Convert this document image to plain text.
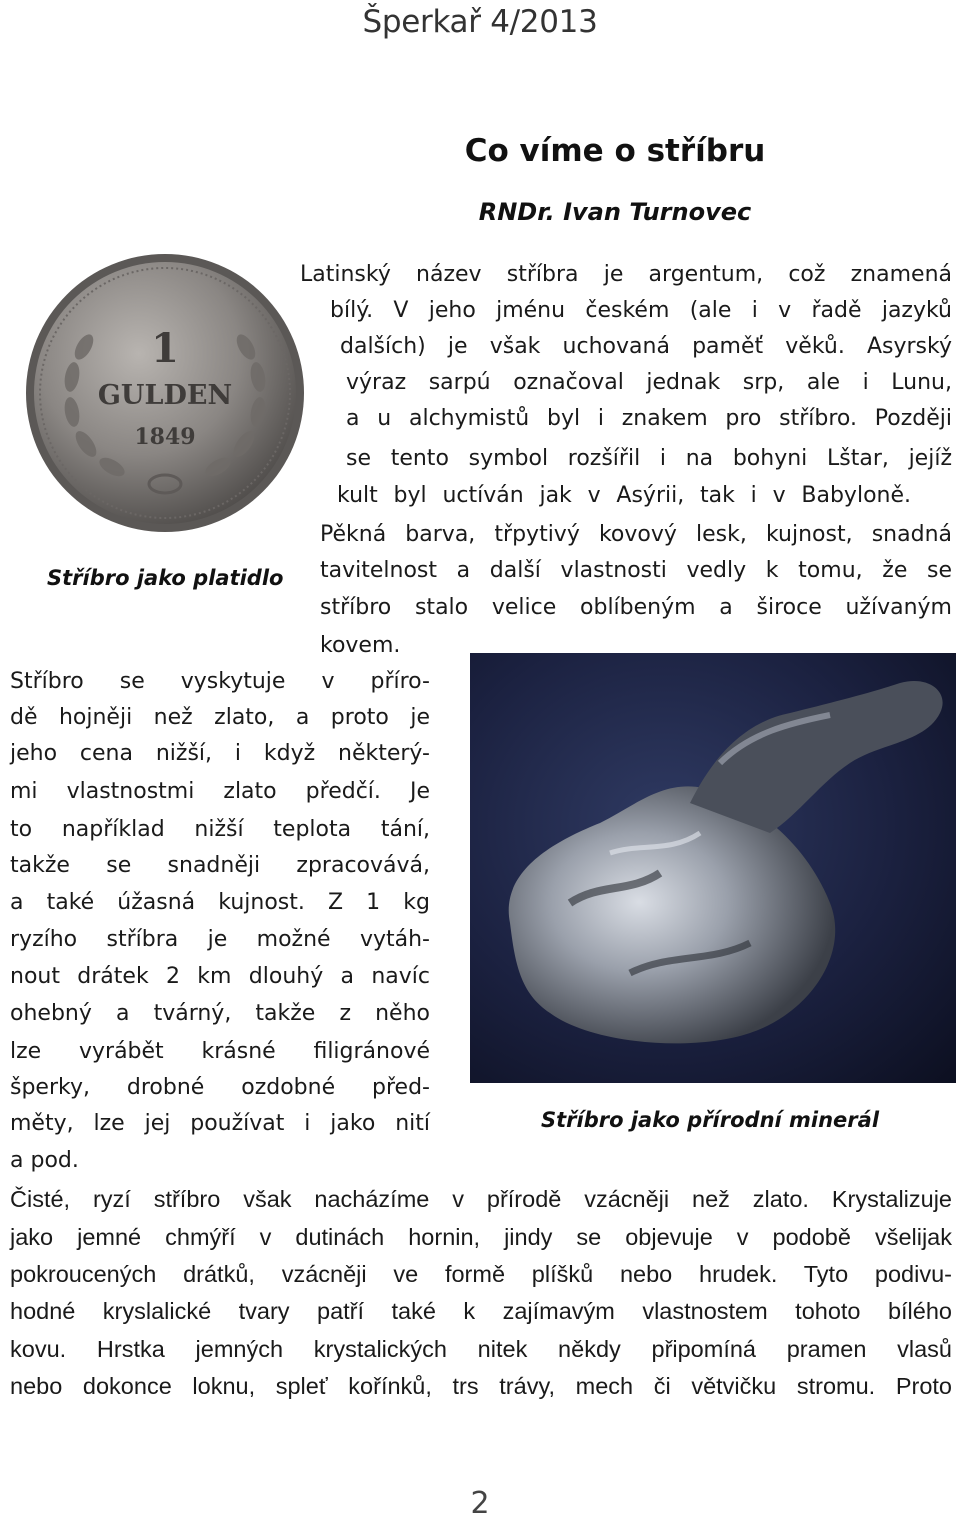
Šperkař 4/2013
Co víme o stříbru
RNDr. Ivan Turnovec
1
GULDEN
1849
Stříbro jako platidlo
Stříbro jako přírodní minerál
Latinský název stříbra je argentum, což znamená
bílý. V jeho jménu českém (ale i v řadě jazyků
dalších) je však uchovaná paměť věků. Asyrský
výraz sarpú označoval jednak srp, ale i Lunu,
a u alchymistů byl i znakem pro stříbro. Později
se tento symbol rozšířil i na bohyni Lštar, jejíž
kult byl uctíván jak v Asýrii, tak i v Babyloně.
Pěkná barva, třpytivý kovový lesk, kujnost, snadná
tavitelnost a další vlastnosti vedly k tomu, že se
stříbro stalo velice oblíbeným a široce užívaným
kovem.
Stříbro se vyskytuje v příro-
dě hojněji než zlato, a proto je
jeho cena nižší, i když některý-
mi vlastnostmi zlato předčí. Je
to například nižší teplota tání,
takže se snadněji zpracovává,
a také úžasná kujnost. Z 1 kg
ryzího stříbra je možné vytáh-
nout drátek 2 km dlouhý a navíc
ohebný a tvárný, takže z něho
lze vyrábět krásné filigránové
šperky, drobné ozdobné před-
měty, lze jej používat i jako nití
a pod.
Čisté, ryzí stříbro však nacházíme v přírodě vzácněji než zlato. Krystalizuje
jako jemné chmýří v dutinách hornin, jindy se objevuje v podobě všelijak
pokroucených drátků, vzácněji ve formě plíšků nebo hrudek. Tyto podivu-
hodné kryslalické tvary patří také k zajímavým vlastnostem tohoto bílého
kovu. Hrstka jemných krystalických nitek někdy připomíná pramen vlasů
nebo dokonce loknu, spleť kořínků, trs trávy, mech či větvičku stromu. Proto
2
